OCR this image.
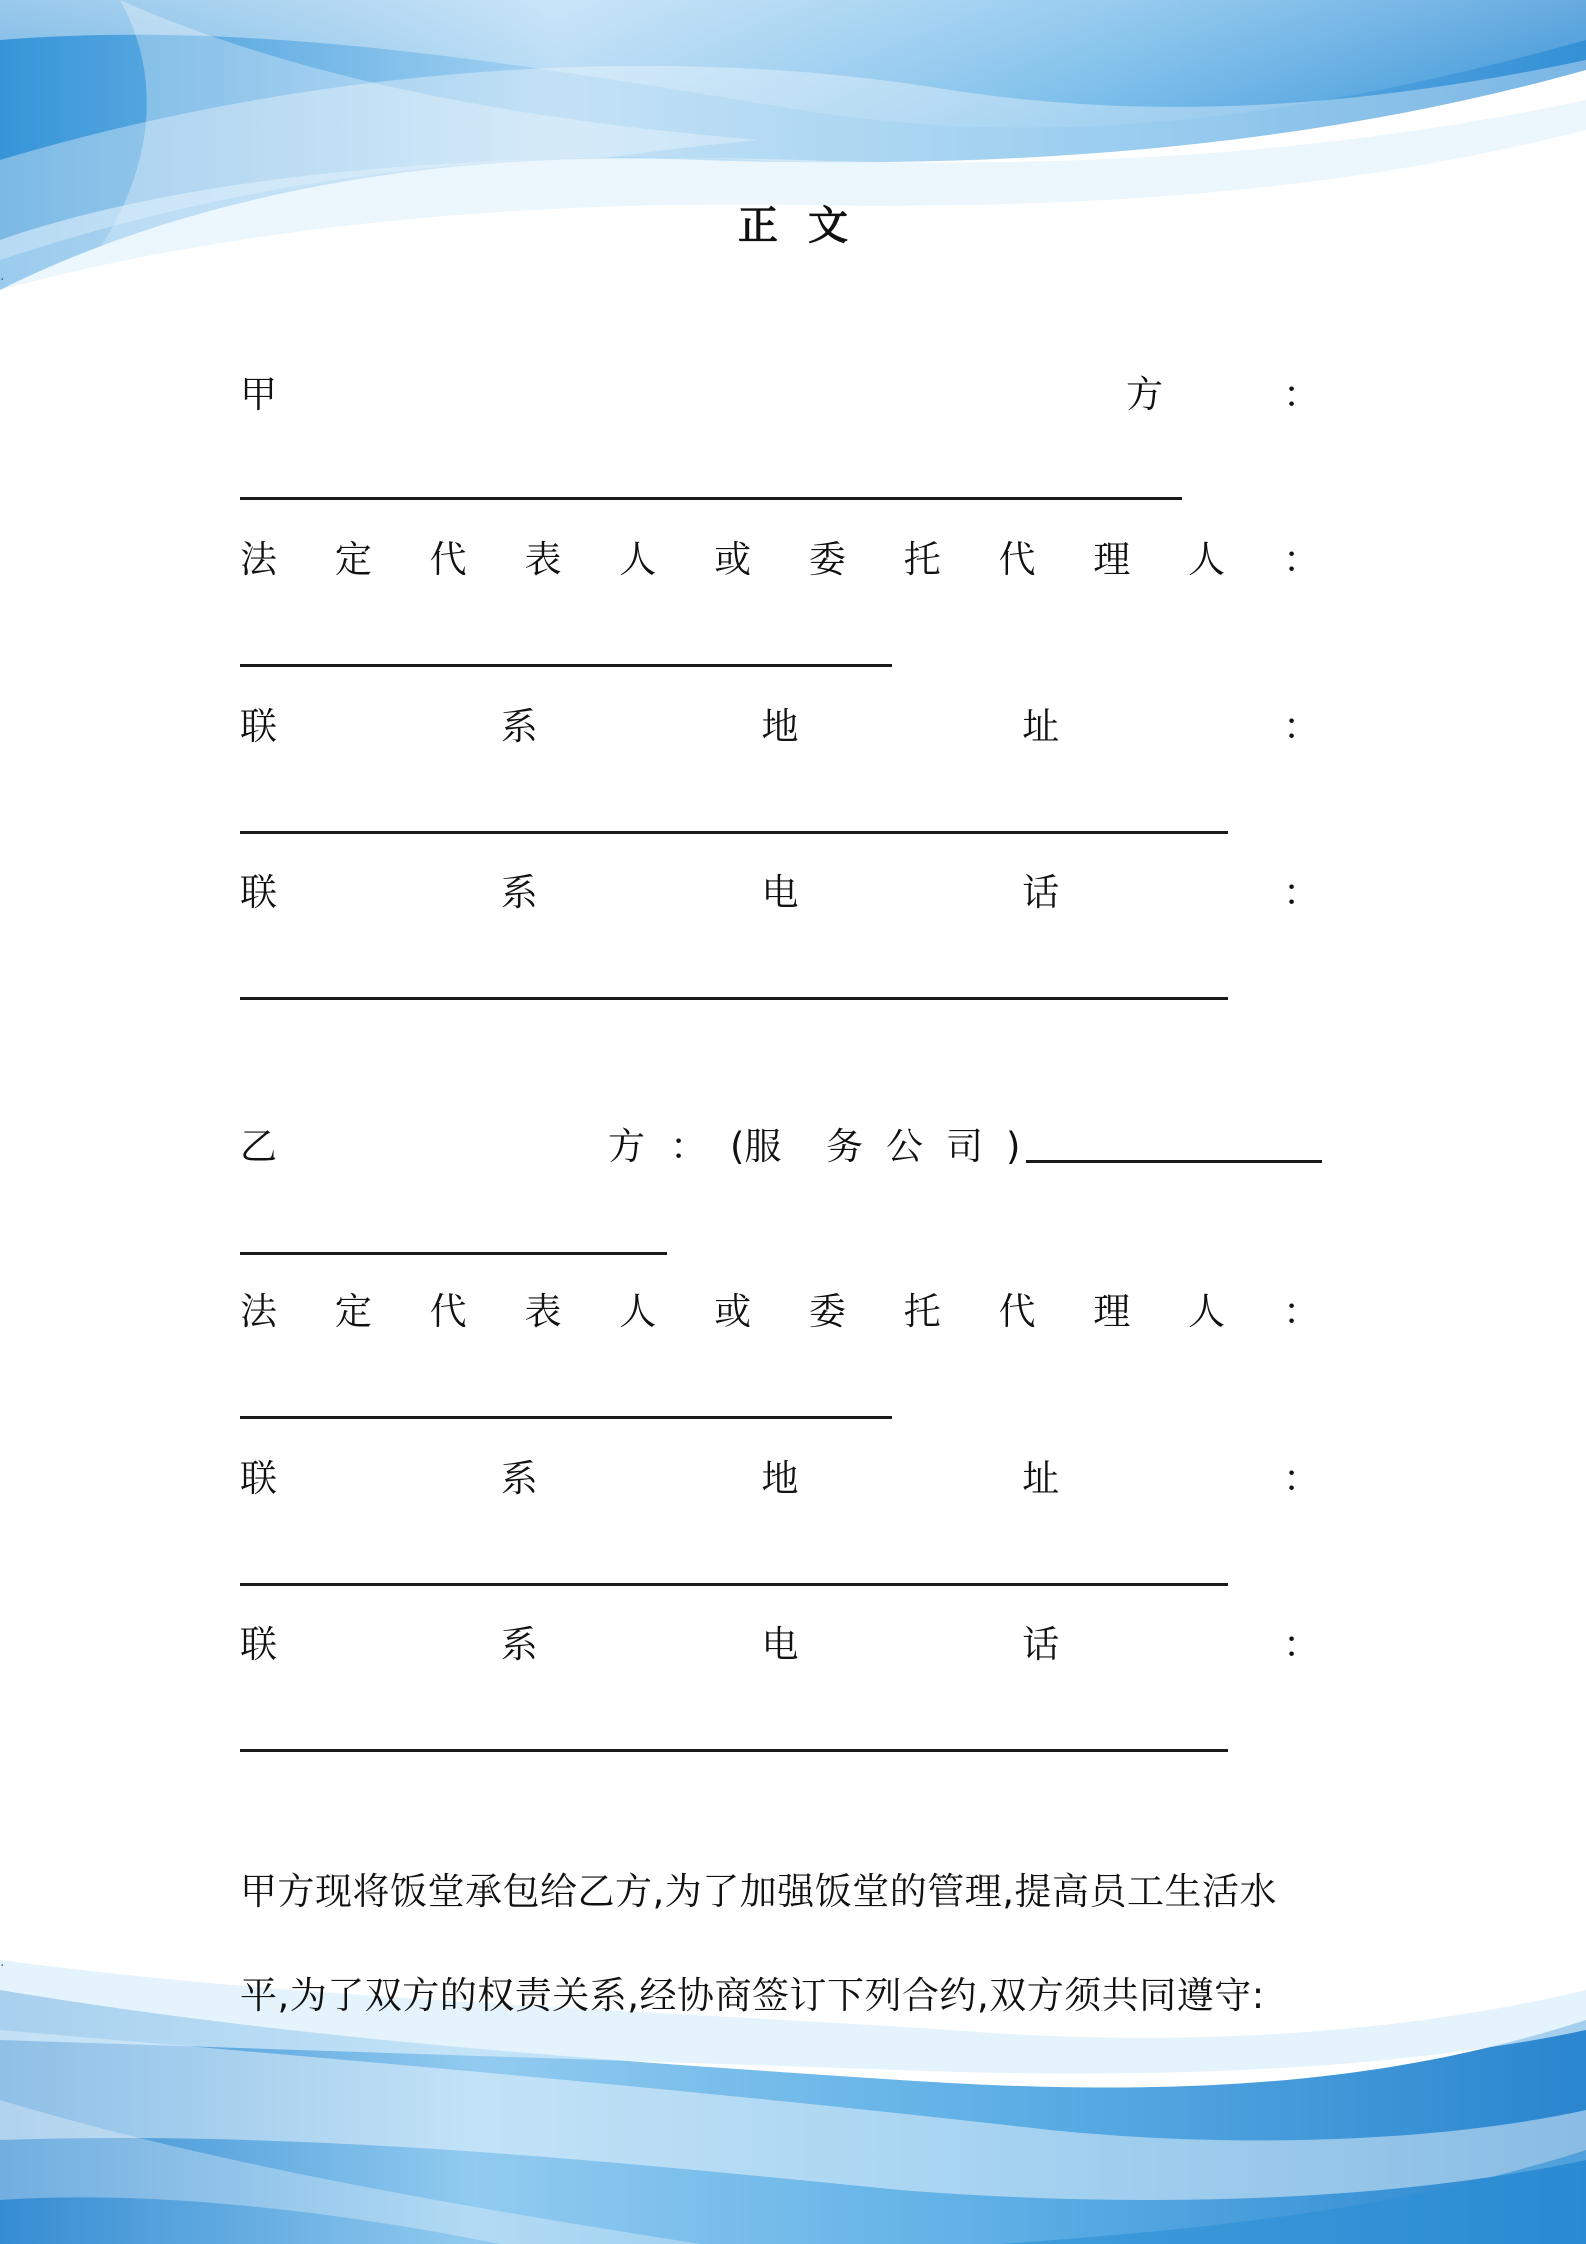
正文
甲	方	：
法 定 代 表 人 或 委 托 代 理 人 ：
联	系	地	址	：
联	系	电	话	：
乙	方 ： (服	务 公 司 )
法 定 代 表 人 或 委 托 代 理 人 ：
联	系	地	址	：
联	系	电	话	：
甲方现将饭堂承包给乙方,为了加强饭堂的管理,提高员工生活水
平,为了双方的权责关系,经协商签订下列合约,双方须共同遵守:
·
·
